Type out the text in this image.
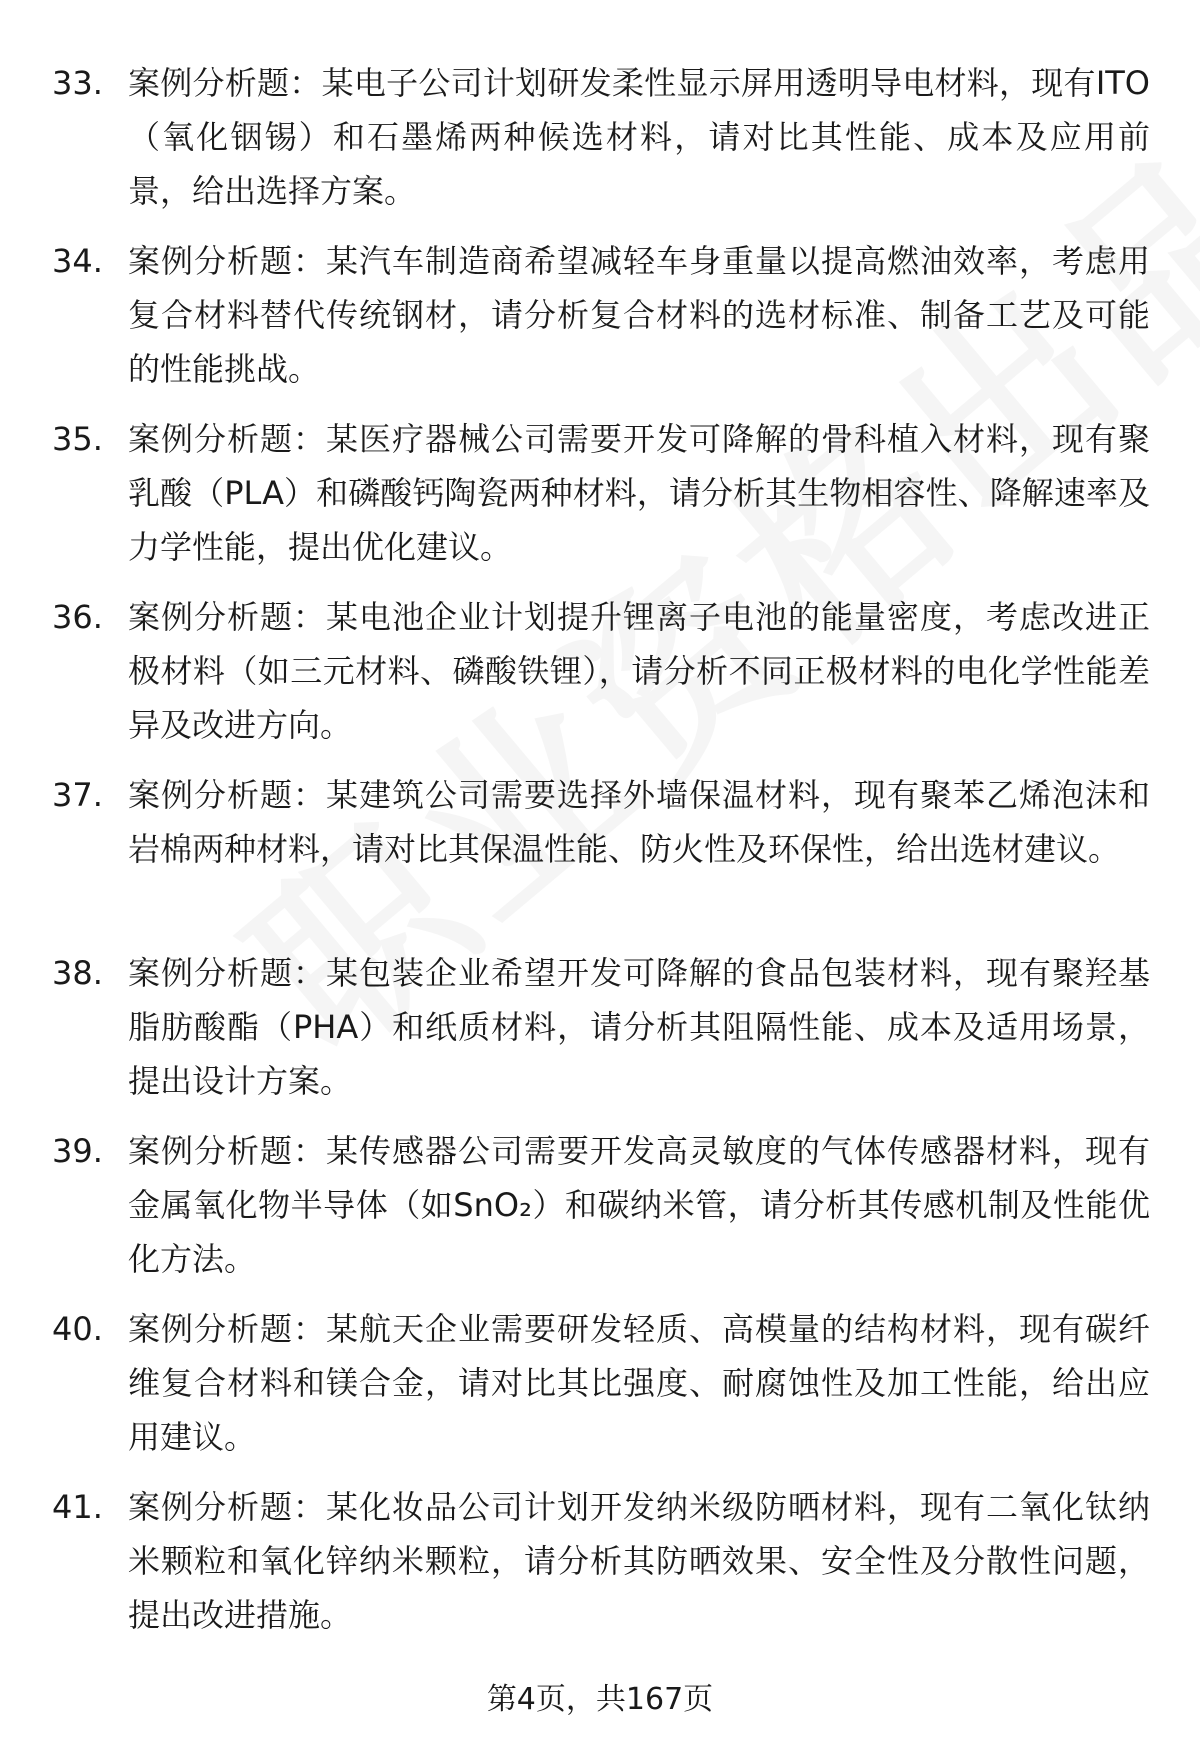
33. 案例分析题：某电子公司计划研发柔性显示屏用透明导电材料，现有ITO（氧化铟锡）和石墨烯两种候选材料，请对比其性能、成本及应用前景，给出选择方案。
34. 案例分析题：某汽车制造商希望减轻车身重量以提高燃油效率，考虑用复合材料替代传统钢材，请分析复合材料的选材标准、制备工艺及可能的性能挑战。
35. 案例分析题：某医疗器械公司需要开发可降解的骨科植入材料，现有聚乳酸（PLA）和磷酸钙陶瓷两种材料，请分析其生物相容性、降解速率及力学性能，提出优化建议。
36. 案例分析题：某电池企业计划提升锂离子电池的能量密度，考虑改进正极材料（如三元材料、磷酸铁锂），请分析不同正极材料的电化学性能差异及改进方向。
37. 案例分析题：某建筑公司需要选择外墙保温材料，现有聚苯乙烯泡沫和岩棉两种材料，请对比其保温性能、防火性及环保性，给出选材建议。
38. 案例分析题：某包装企业希望开发可降解的食品包装材料，现有聚羟基脂肪酸酯（PHA）和纸质材料，请分析其阻隔性能、成本及适用场景，提出设计方案。
39. 案例分析题：某传感器公司需要开发高灵敏度的气体传感器材料，现有金属氧化物半导体（如SnO₂）和碳纳米管，请分析其传感机制及性能优化方法。
40. 案例分析题：某航天企业需要研发轻质、高模量的结构材料，现有碳纤维复合材料和镁合金，请对比其比强度、耐腐蚀性及加工性能，给出应用建议。
41. 案例分析题：某化妆品公司计划开发纳米级防晒材料，现有二氧化钛纳米颗粒和氧化锌纳米颗粒，请分析其防晒效果、安全性及分散性问题，提出改进措施。
第4页，共167页
